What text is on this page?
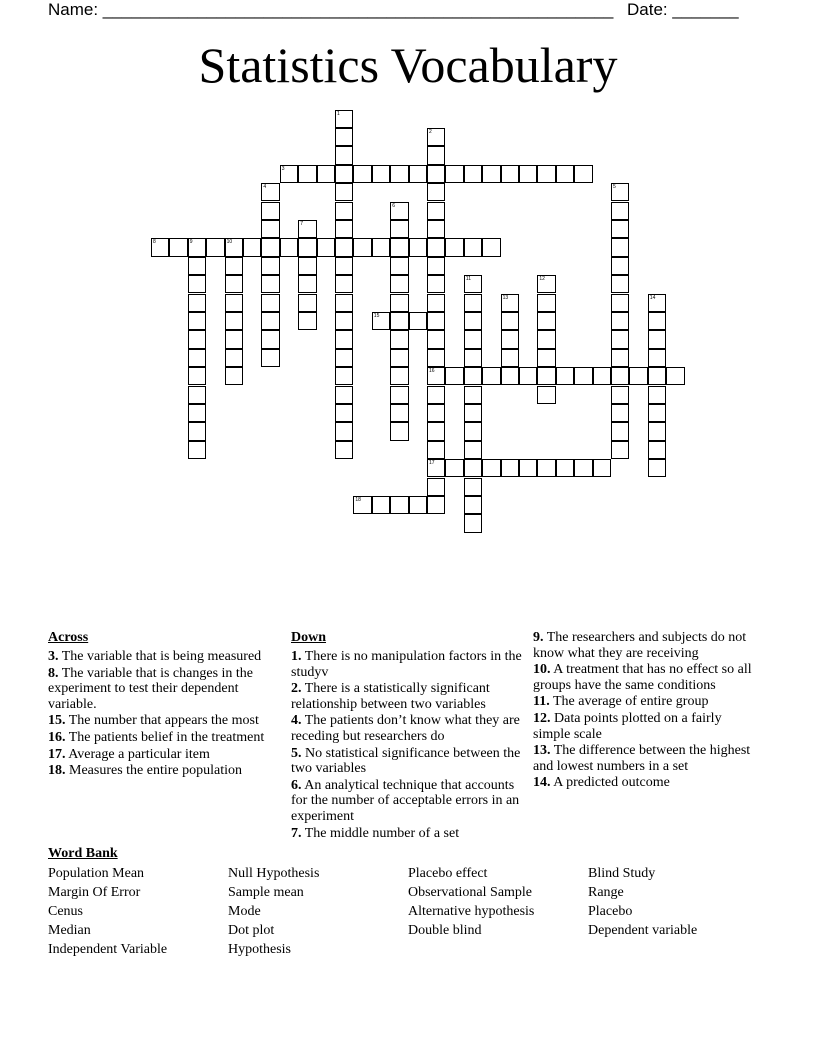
Name: ______________________________________________________ Date: _______
Statistics Vocabulary
3
8	9	10
15
16
17
18
1
2
4	5
6
7
11	12
13	14
Across
3. The variable that is being measured
8. The variable that is changes in the experiment to test their dependent variable.
15. The number that appears the most
16. The patients belief in the treatment
17. Average a particular item
18. Measures the entire population
Down
1. There is no manipulation factors in the studyv
2. There is a statistically significant relationship between two variables
4. The patients don’t know what they are receding but researchers do
5. No statistical significance between the two variables
6. An analytical technique that accounts for the number of acceptable errors in an experiment
7. The middle number of a set
9. The researchers and subjects do not know what they are receiving
10. A treatment that has no effect so all groups have the same conditions
11. The average of entire group
12. Data points plotted on a fairly simple scale
13. The difference between the highest and lowest numbers in a set
14. A predicted outcome
Word Bank
Population Mean
Margin Of Error
Cenus
Median
Independent Variable
Null Hypothesis
Sample mean
Mode
Dot plot
Hypothesis
Placebo effect
Observational Sample
Alternative hypothesis
Double blind
Blind Study
Range
Placebo
Dependent variable
